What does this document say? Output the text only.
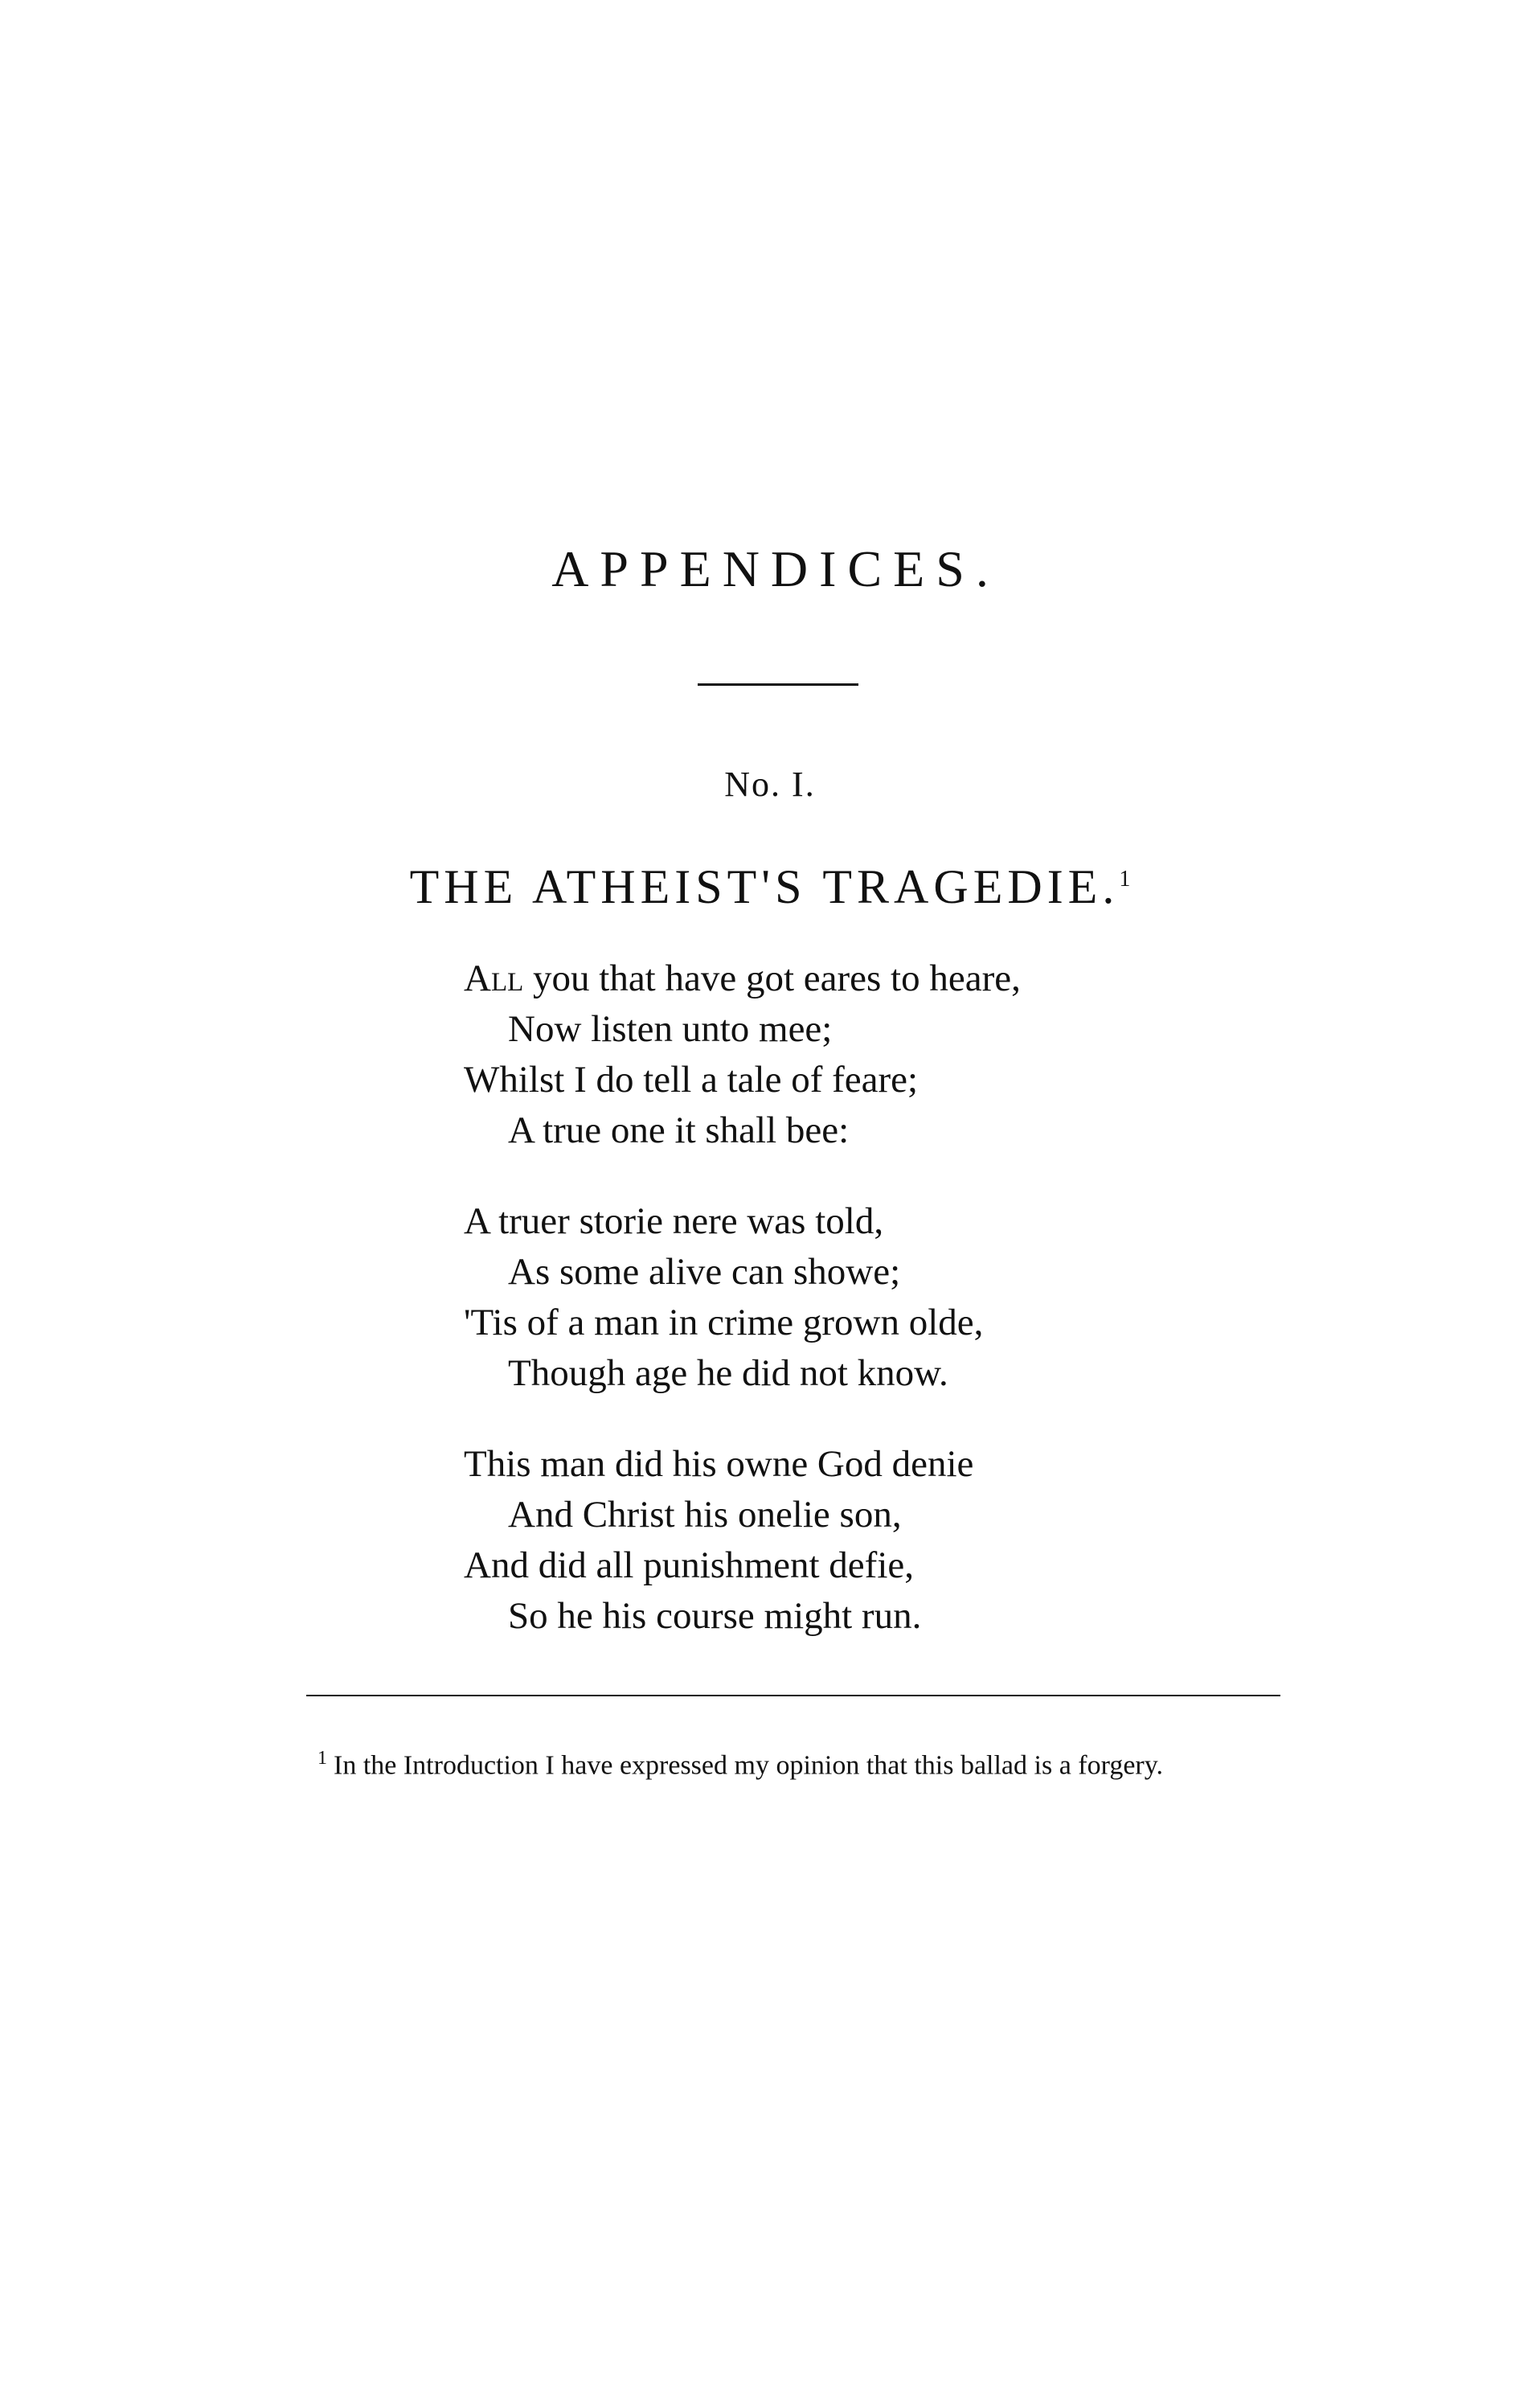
APPENDICES.
No. I.
THE ATHEIST'S TRAGEDIE.$^1$
All you that have got eares to heare,
Now listen unto mee;
Whilst I do tell a tale of feare;
A true one it shall bee:
A truer storie nere was told,
As some alive can showe;
'Tis of a man in crime grown olde,
Though age he did not know.
This man did his owne God denie
And Christ his onelie son,
And did all punishment defie,
So he his course might run.
$^1$ In the Introduction I have expressed my opinion that this ballad is a forgery.
